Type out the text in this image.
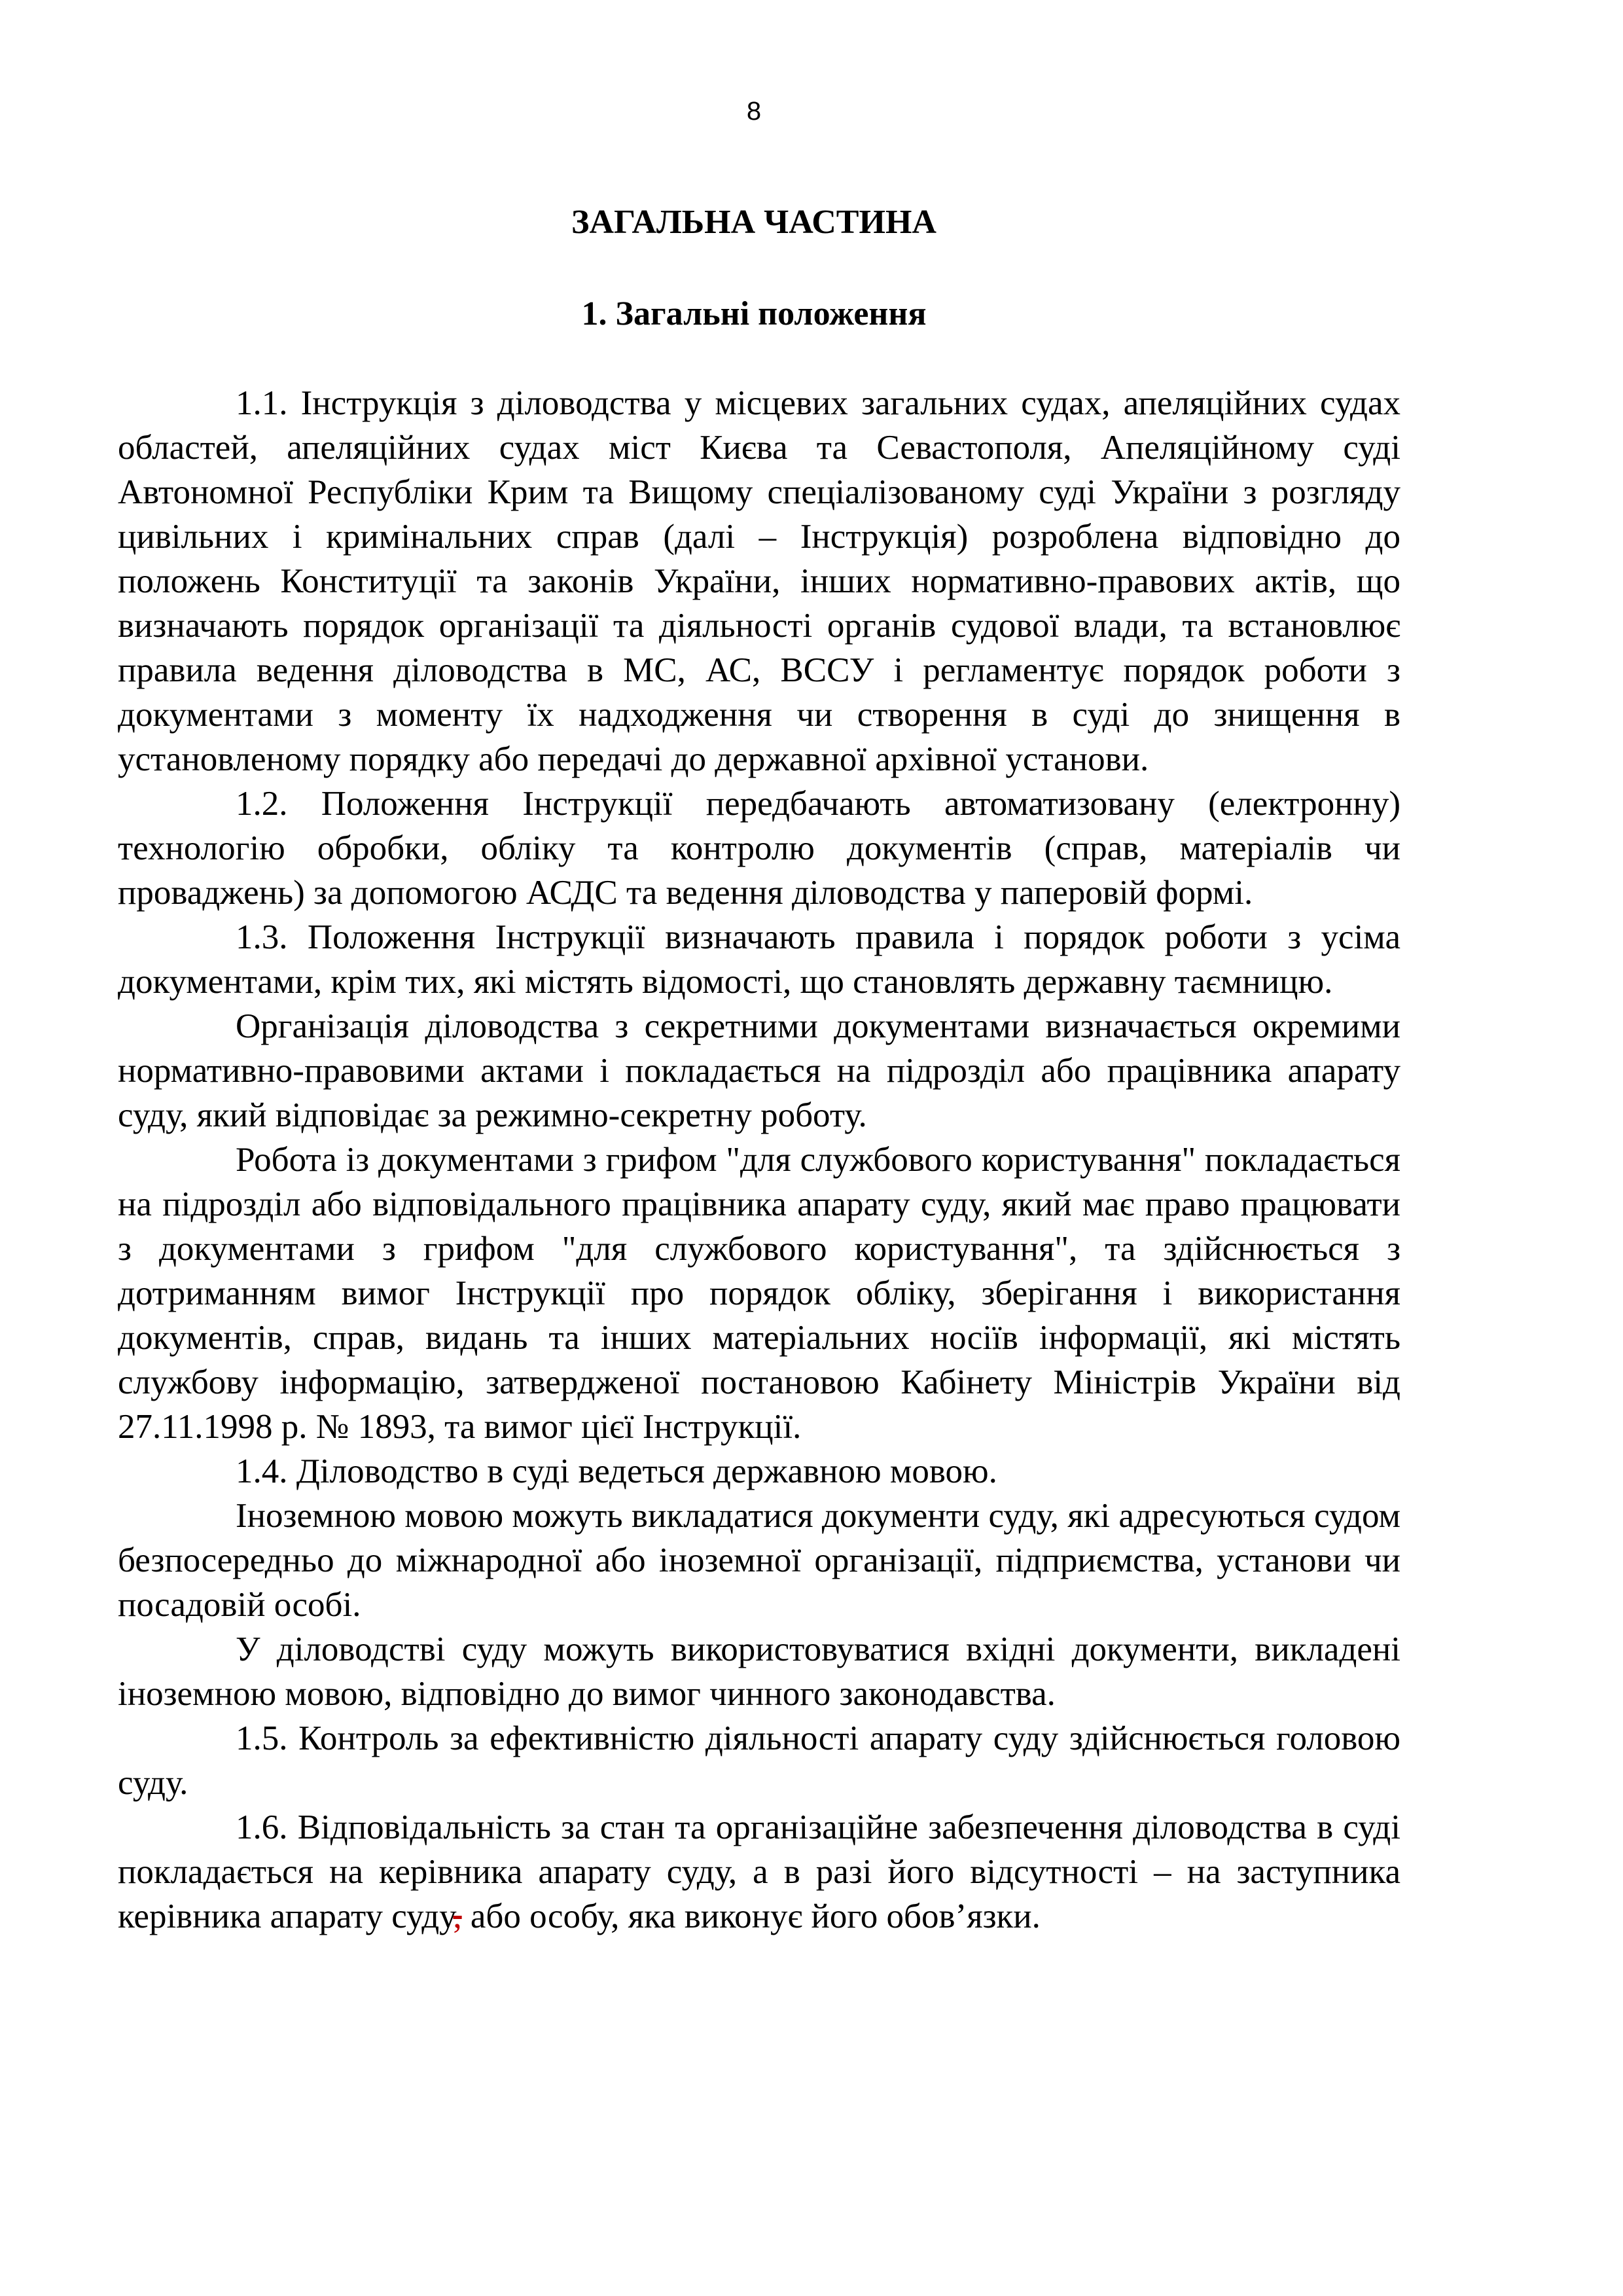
8
ЗАГАЛЬНА ЧАСТИНА
1. Загальні положення

1.1. Інструкція з діловодства у місцевих загальних судах, апеляційних судах областей, апеляційних судах міст Києва та Севастополя, Апеляційному суді Автономної Республіки Крим та Вищому спеціалізованому суді України з розгляду цивільних і кримінальних справ (далі – Інструкція) розроблена відповідно до положень Конституції та законів України, інших нормативно-правових актів, що визначають порядок організації та діяльності органів судової влади, та встановлює правила ведення діловодства в МС, АС, ВССУ і регламентує порядок роботи з документами з моменту їх надходження чи створення в суді до знищення в установленому порядку або передачі до державної архівної установи.

1.2. Положення Інструкції передбачають автоматизовану (електронну) технологію обробки, обліку та контролю документів (справ, матеріалів чи проваджень) за допомогою АСДС та ведення діловодства у паперовій формі.

1.3. Положення Інструкції визначають правила і порядок роботи з усіма документами, крім тих, які містять відомості, що становлять державну таємницю.

Організація діловодства з секретними документами визначається окремими нормативно-правовими актами і покладається на підрозділ або працівника апарату суду, який відповідає за режимно-секретну роботу.

Робота із документами з грифом "для службового користування" покладається на підрозділ або відповідального працівника апарату суду, який має право працювати з документами з грифом "для службового користування", та здійснюється з дотриманням вимог Інструкції про порядок обліку, зберігання і використання документів, справ, видань та інших матеріальних носіїв інформації, які містять службову інформацію, затвердженої постановою Кабінету Міністрів України від 27.11.1998 р. № 1893, та вимог цієї Інструкції.

1.4. Діловодство в суді ведеться державною мовою.

Іноземною мовою можуть викладатися документи суду, які адресуються судом безпосередньо до міжнародної або іноземної організації, підприємства, установи чи посадовій особі.

У діловодстві суду можуть використовуватися вхідні документи, викладені іноземною мовою, відповідно до вимог чинного законодавства.

1.5. Контроль за ефективністю діяльності апарату суду здійснюється головою суду.

1.6. Відповідальність за стан та організаційне забезпечення діловодства в суді покладається на керівника апарату суду, а в разі його відсутності – на заступника керівника апарату суду, або особу, яка виконує його обов’язки.
